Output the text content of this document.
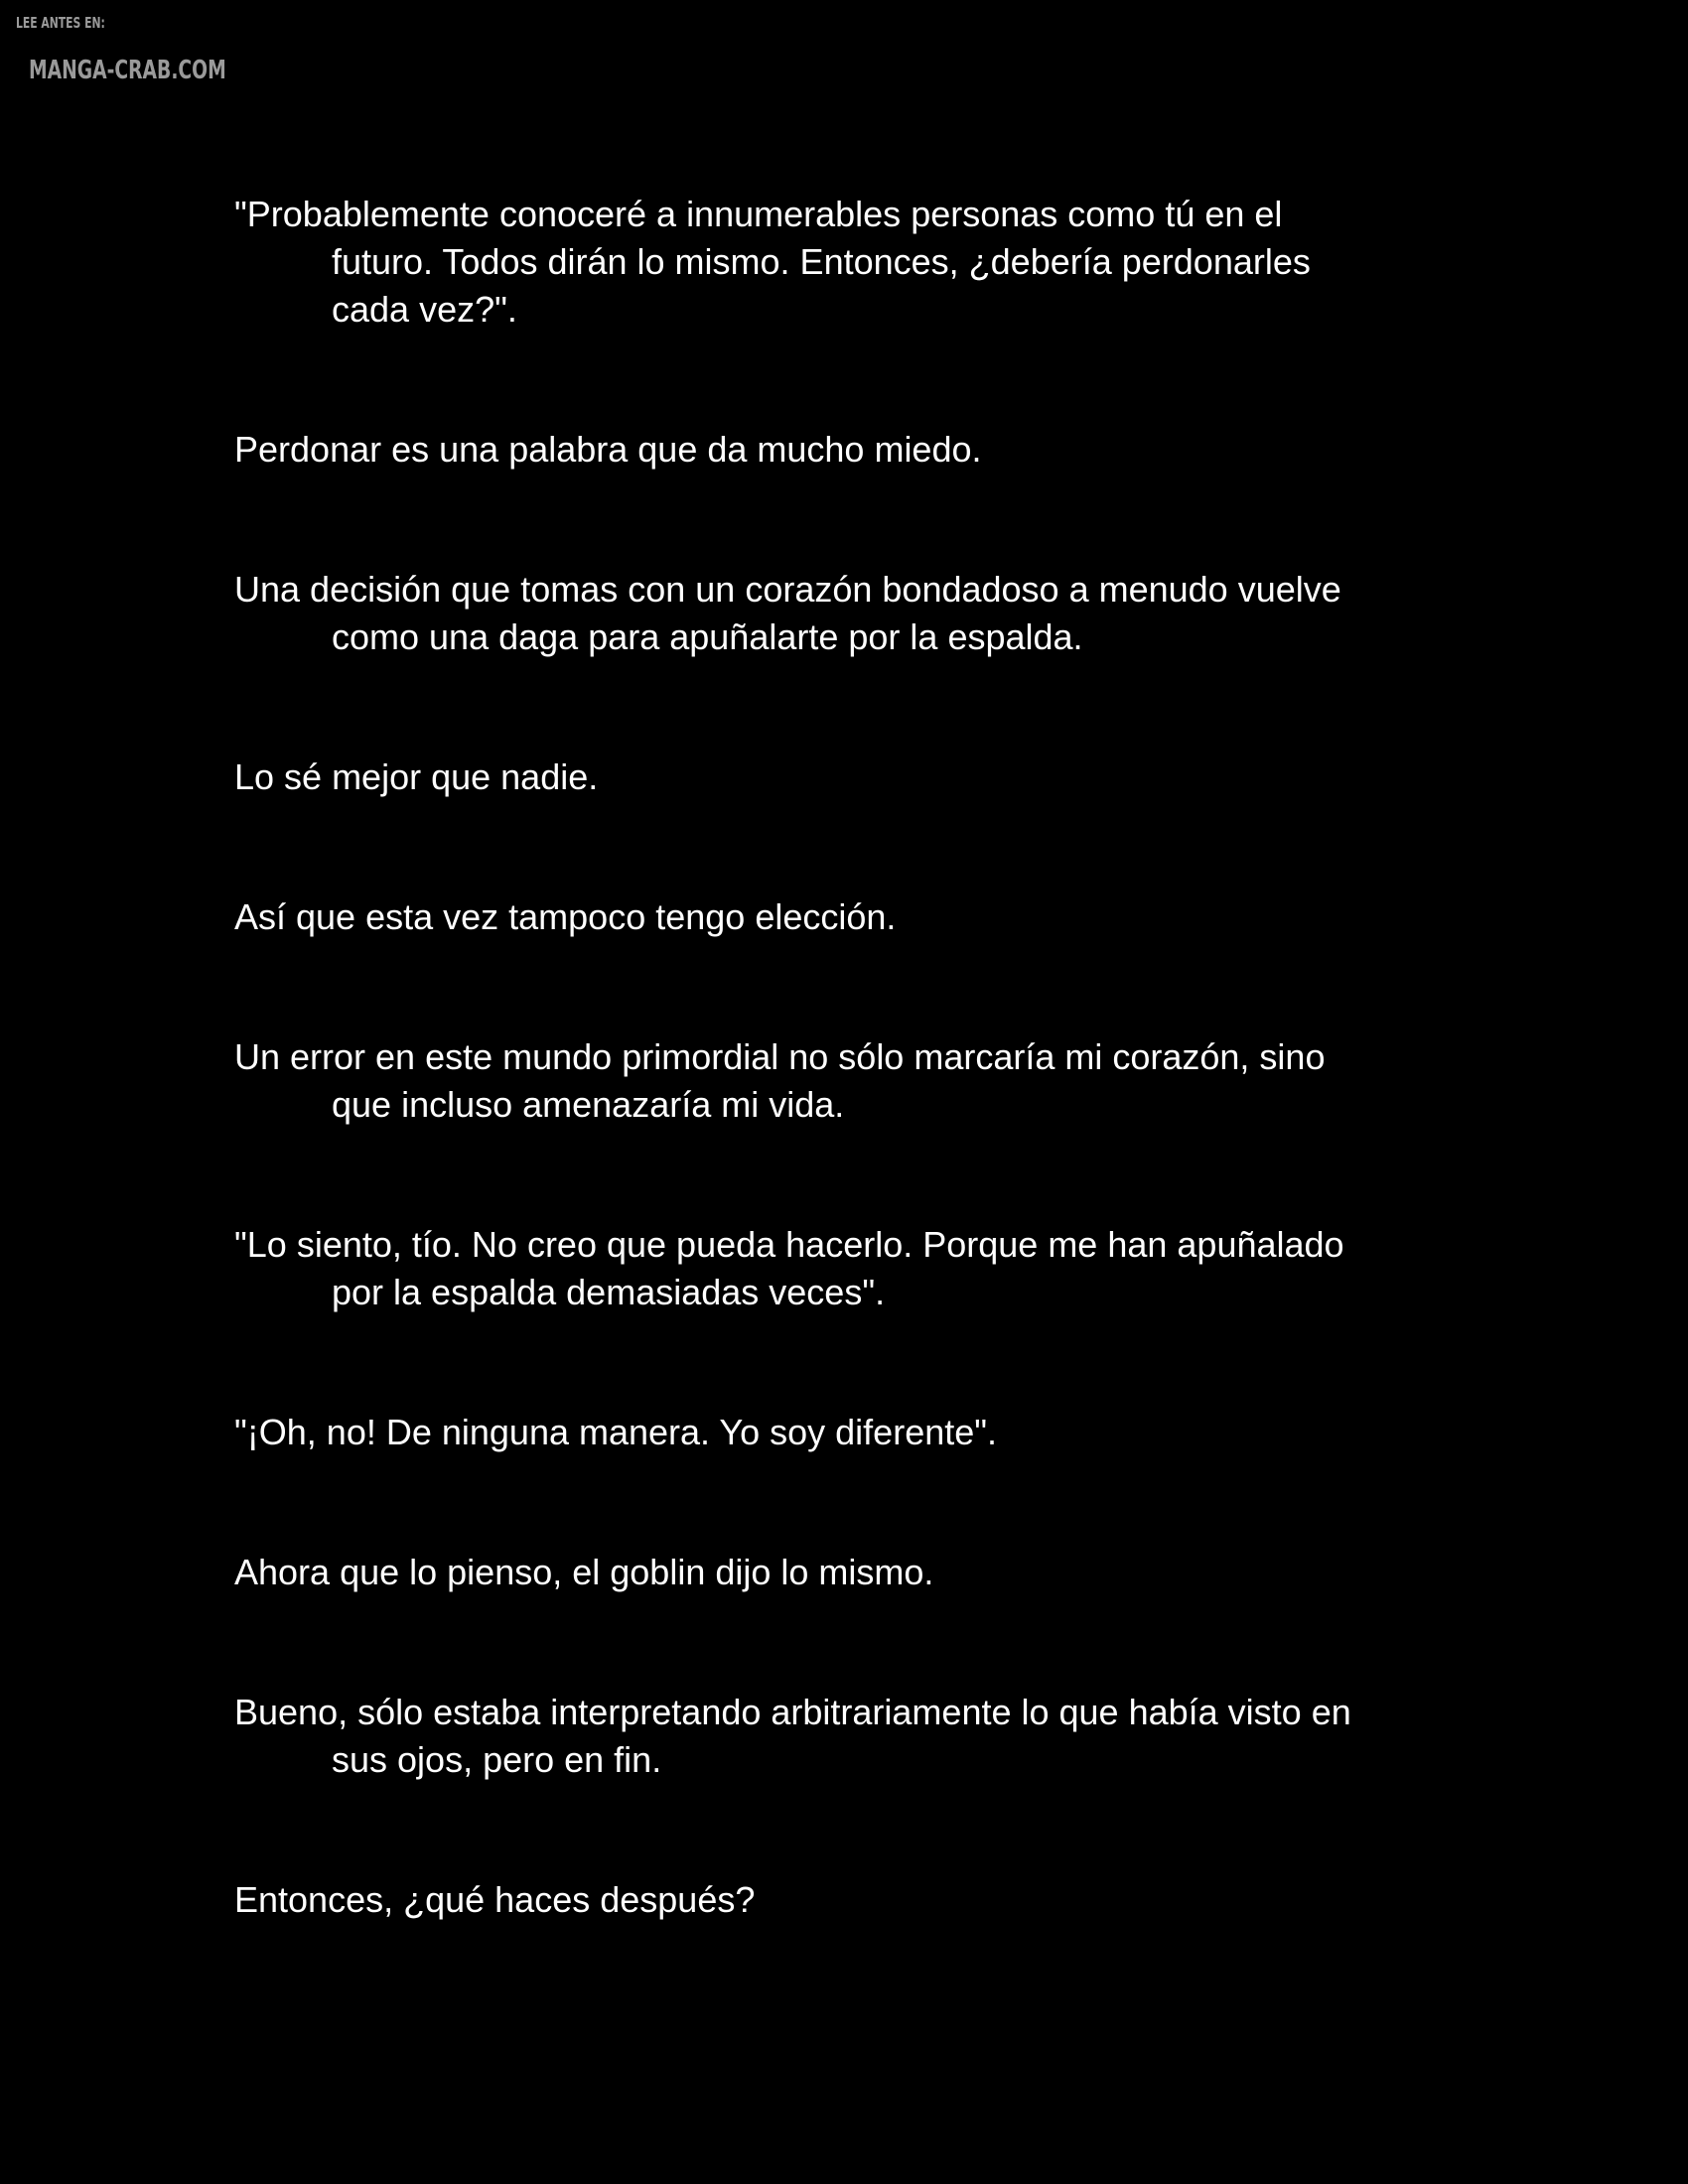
LEE ANTES EN:
MANGA-CRAB.COM

"Probablemente conoceré a innumerables personas como tú en el
futuro. Todos dirán lo mismo. Entonces, ¿debería perdonarles
cada vez?".

Perdonar es una palabra que da mucho miedo.

Una decisión que tomas con un corazón bondadoso a menudo vuelve
como una daga para apuñalarte por la espalda.

Lo sé mejor que nadie.

Así que esta vez tampoco tengo elección.

Un error en este mundo primordial no sólo marcaría mi corazón, sino
que incluso amenazaría mi vida.

"Lo siento, tío. No creo que pueda hacerlo. Porque me han apuñalado
por la espalda demasiadas veces".

"¡Oh, no! De ninguna manera. Yo soy diferente".

Ahora que lo pienso, el goblin dijo lo mismo.

Bueno, sólo estaba interpretando arbitrariamente lo que había visto en
sus ojos, pero en fin.

Entonces, ¿qué haces después?
